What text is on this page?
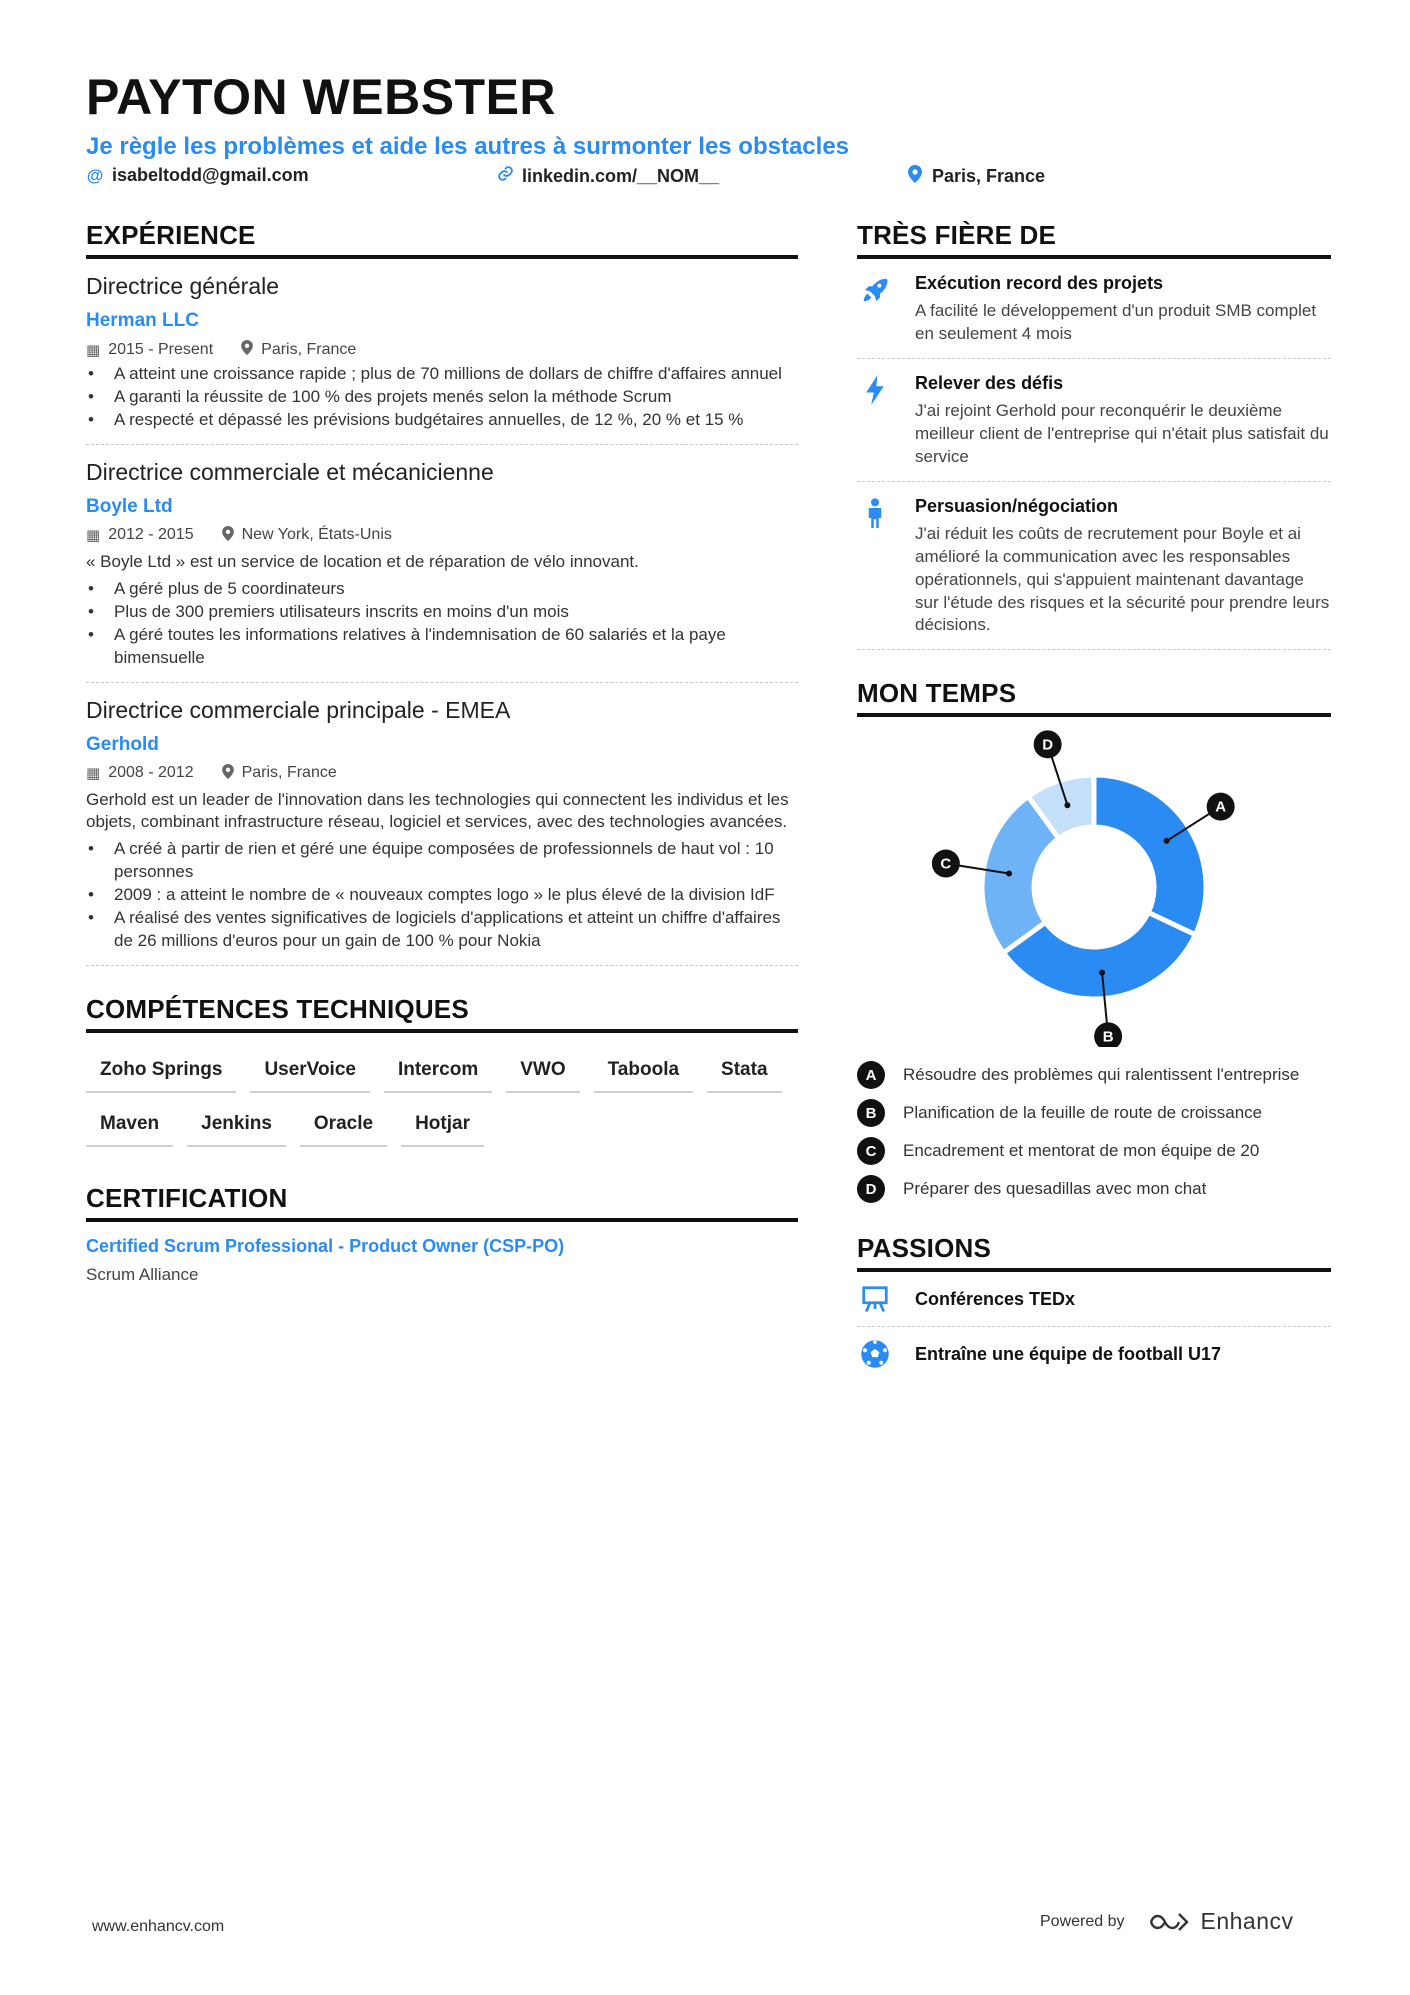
PAYTON WEBSTER
Je règle les problèmes et aide les autres à surmonter les obstacles
@ isabeltodd@gmail.com	linkedin.com/__NOM__	Paris, France
EXPÉRIENCE
Directrice générale
Herman LLC
▦ 2015 - Present	Paris, France
• A atteint une croissance rapide ; plus de 70 millions de dollars de chiffre d'affaires annuel
• A garanti la réussite de 100 % des projets menés selon la méthode Scrum
• A respecté et dépassé les prévisions budgétaires annuelles, de 12 %, 20 % et 15 %
Directrice commerciale et mécanicienne
Boyle Ltd
▦ 2012 - 2015	New York, États-Unis
« Boyle Ltd » est un service de location et de réparation de vélo innovant.
• A géré plus de 5 coordinateurs
• Plus de 300 premiers utilisateurs inscrits en moins d'un mois
• A géré toutes les informations relatives à l'indemnisation de 60 salariés et la paye bimensuelle
Directrice commerciale principale - EMEA
Gerhold
▦ 2008 - 2012	Paris, France
Gerhold est un leader de l'innovation dans les technologies qui connectent les individus et les objets, combinant infrastructure réseau, logiciel et services, avec des technologies avancées.
• A créé à partir de rien et géré une équipe composées de professionnels de haut vol : 10 personnes
• 2009 : a atteint le nombre de « nouveaux comptes logo » le plus élevé de la division IdF
• A réalisé des ventes significatives de logiciels d'applications et atteint un chiffre d'affaires de 26 millions d'euros pour un gain de 100 % pour Nokia
COMPÉTENCES TECHNIQUES
Zoho Springs	UserVoice	Intercom	VWO	Taboola	Stata
Maven	Jenkins	Oracle	Hotjar
CERTIFICATION
Certified Scrum Professional - Product Owner (CSP-PO)
Scrum Alliance
TRÈS FIÈRE DE
Exécution record des projets
A facilité le développement d'un produit SMB complet en seulement 4 mois
Relever des défis
J'ai rejoint Gerhold pour reconquérir le deuxième meilleur client de l'entreprise qui n'était plus satisfait du service
Persuasion/négociation
J'ai réduit les coûts de recrutement pour Boyle et ai amélioré la communication avec les responsables opérationnels, qui s'appuient maintenant davantage sur l'étude des risques et la sécurité pour prendre leurs décisions.
MON TEMPS
A
B
C
D
A	Résoudre des problèmes qui ralentissent l'entreprise
B	Planification de la feuille de route de croissance
C	Encadrement et mentorat de mon équipe de 20
D	Préparer des quesadillas avec mon chat
PASSIONS
Conférences TEDx
Entraîne une équipe de football U17
www.enhancv.com	Powered by	Enhancv
